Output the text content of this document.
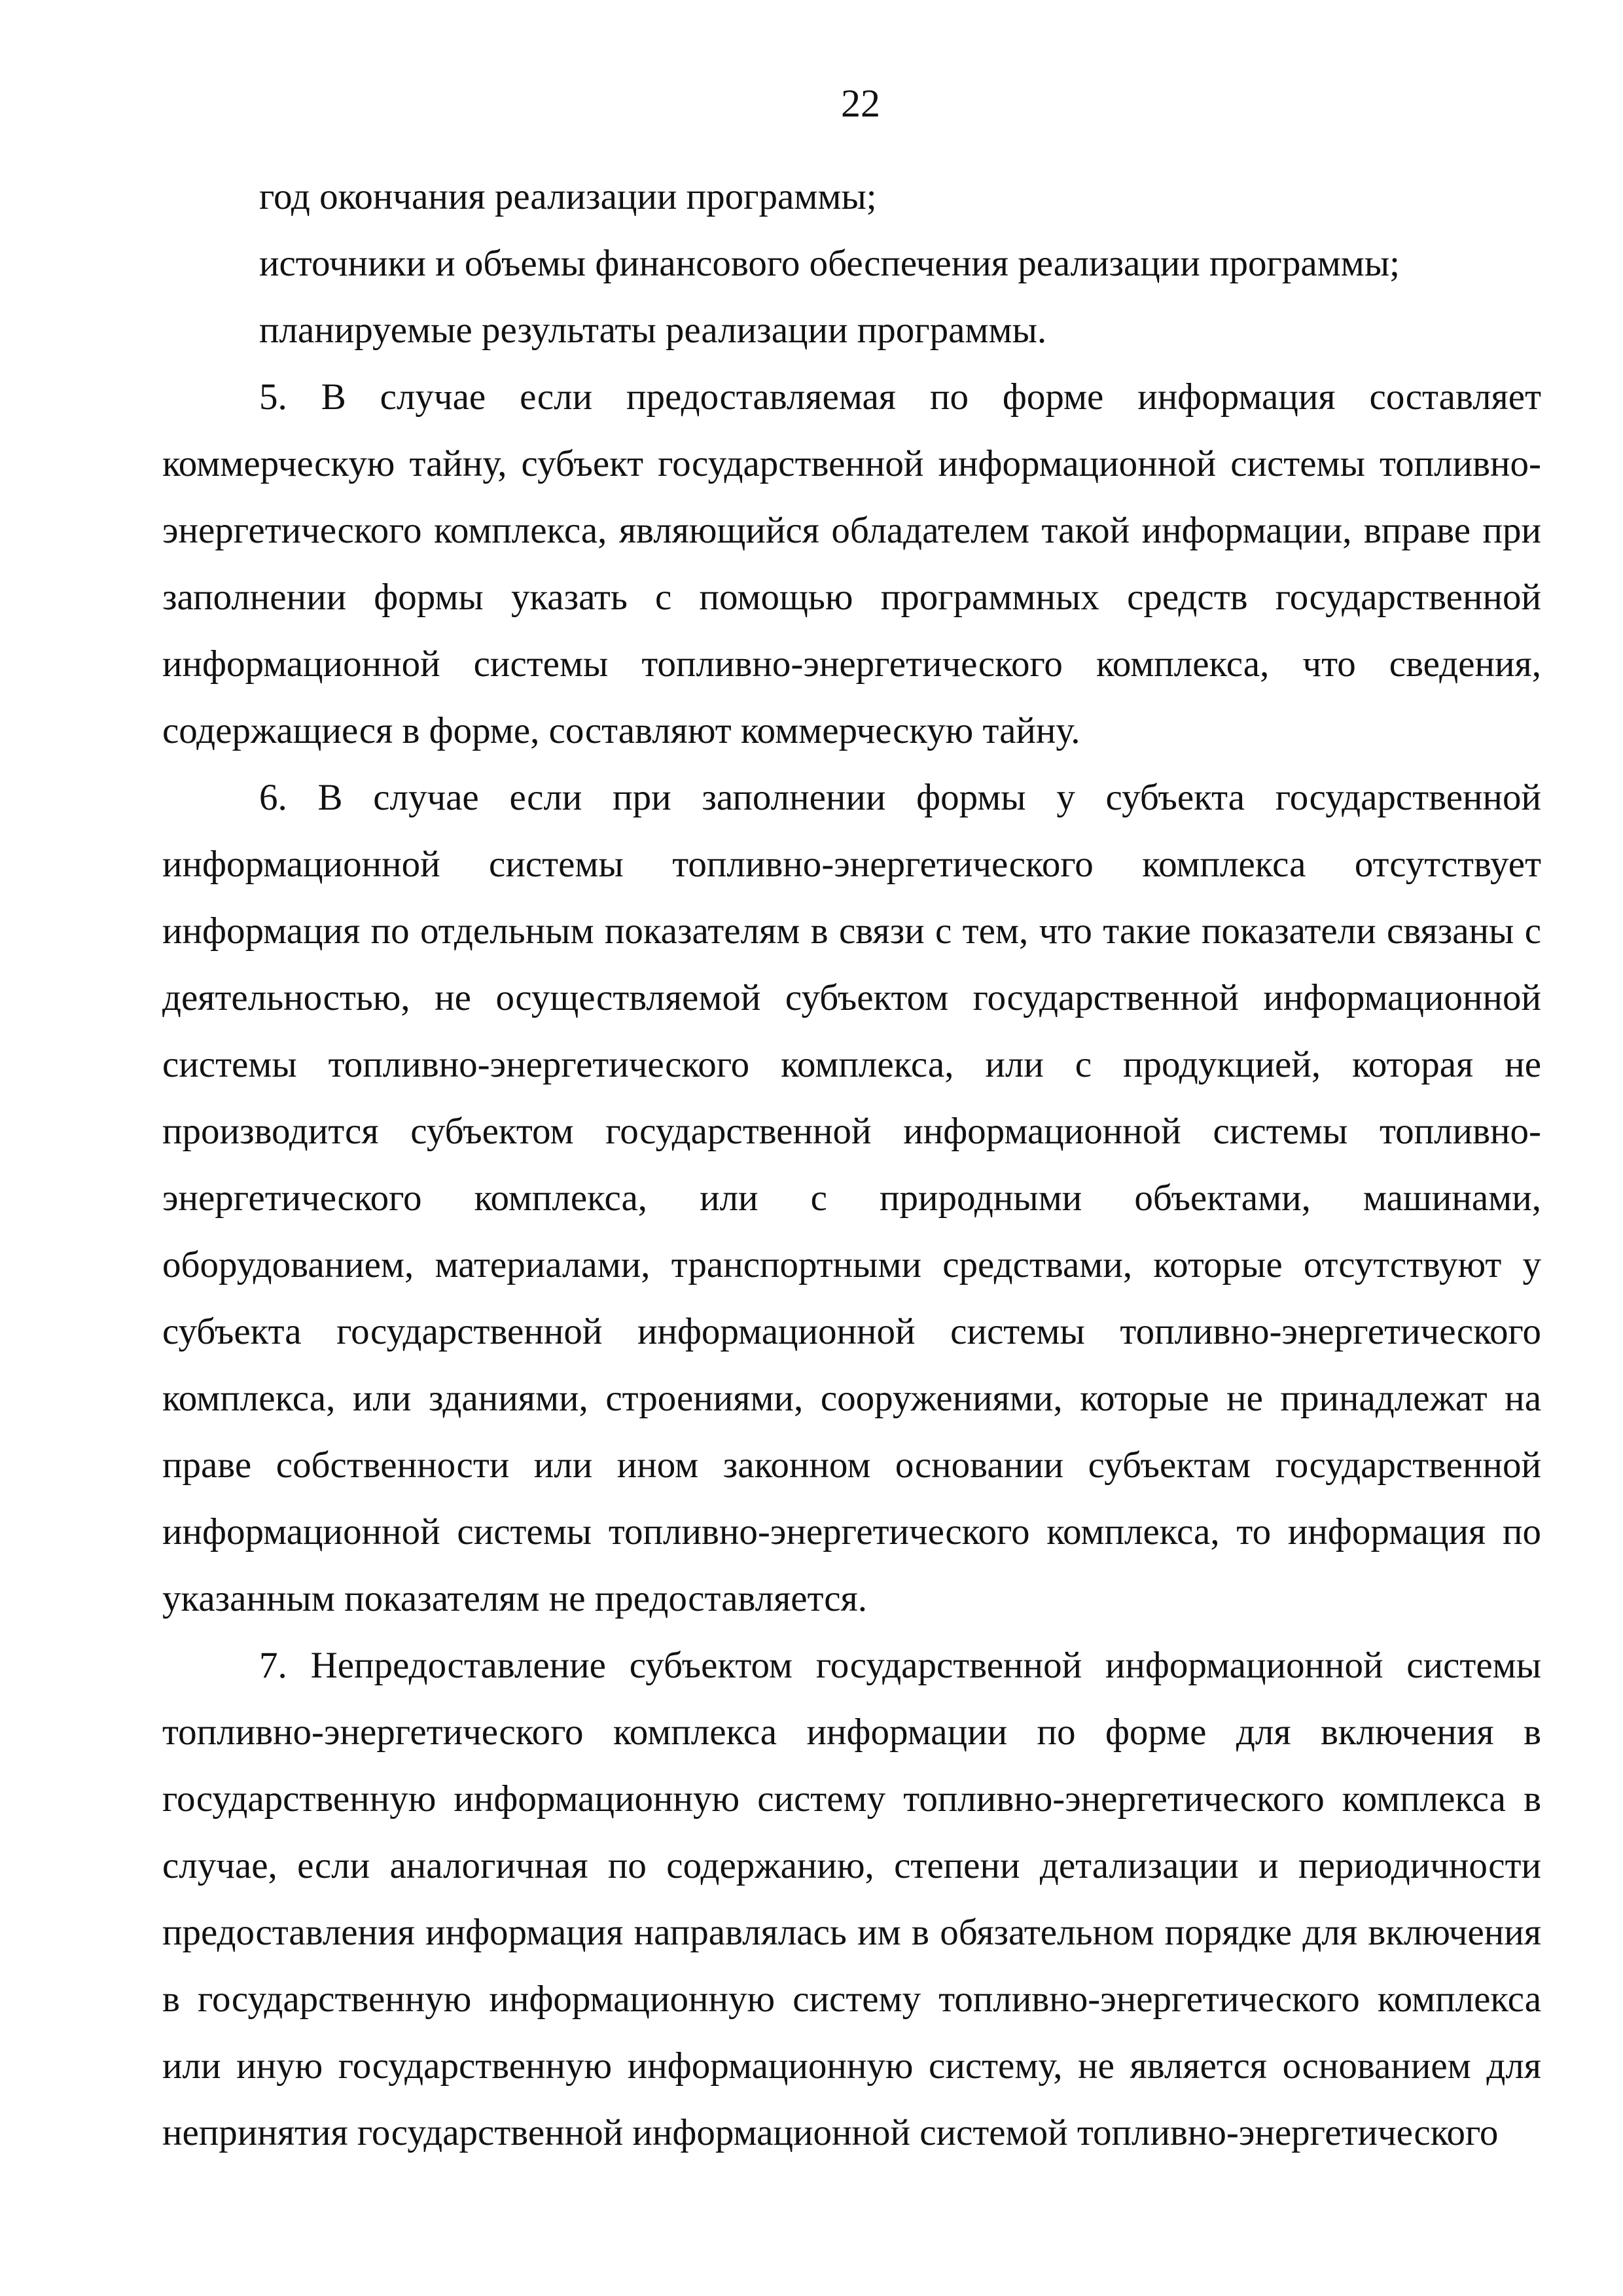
22

год окончания реализации программы;

источники и объемы финансового обеспечения реализации программы;

планируемые результаты реализации программы.

5. В случае если предоставляемая по форме информация составляет коммерческую тайну, субъект государственной информационной системы топливно-энергетического комплекса, являющийся обладателем такой информации, вправе при заполнении формы указать с помощью программных средств государственной информационной системы топливно-энергетического комплекса, что сведения, содержащиеся в форме, составляют коммерческую тайну.

6. В случае если при заполнении формы у субъекта государственной информационной системы топливно-энергетического комплекса отсутствует информация по отдельным показателям в связи с тем, что такие показатели связаны с деятельностью, не осуществляемой субъектом государственной информационной системы топливно-энергетического комплекса, или с продукцией, которая не производится субъектом государственной информационной системы топливно-энергетического комплекса, или с природными объектами, машинами, оборудованием, материалами, транспортными средствами, которые отсутствуют у субъекта государственной информационной системы топливно-энергетического комплекса, или зданиями, строениями, сооружениями, которые не принадлежат на праве собственности или ином законном основании субъектам государственной информационной системы топливно-энергетического комплекса, то информация по указанным показателям не предоставляется.

7. Непредоставление субъектом государственной информационной системы топливно-энергетического комплекса информации по форме для включения в государственную информационную систему топливно-энергетического комплекса в случае, если аналогичная по содержанию, степени детализации и периодичности предоставления информация направлялась им в обязательном порядке для включения в государственную информационную систему топливно-энергетического комплекса или иную государственную информационную систему, не является основанием для непринятия государственной информационной системой топливно-энергетического
